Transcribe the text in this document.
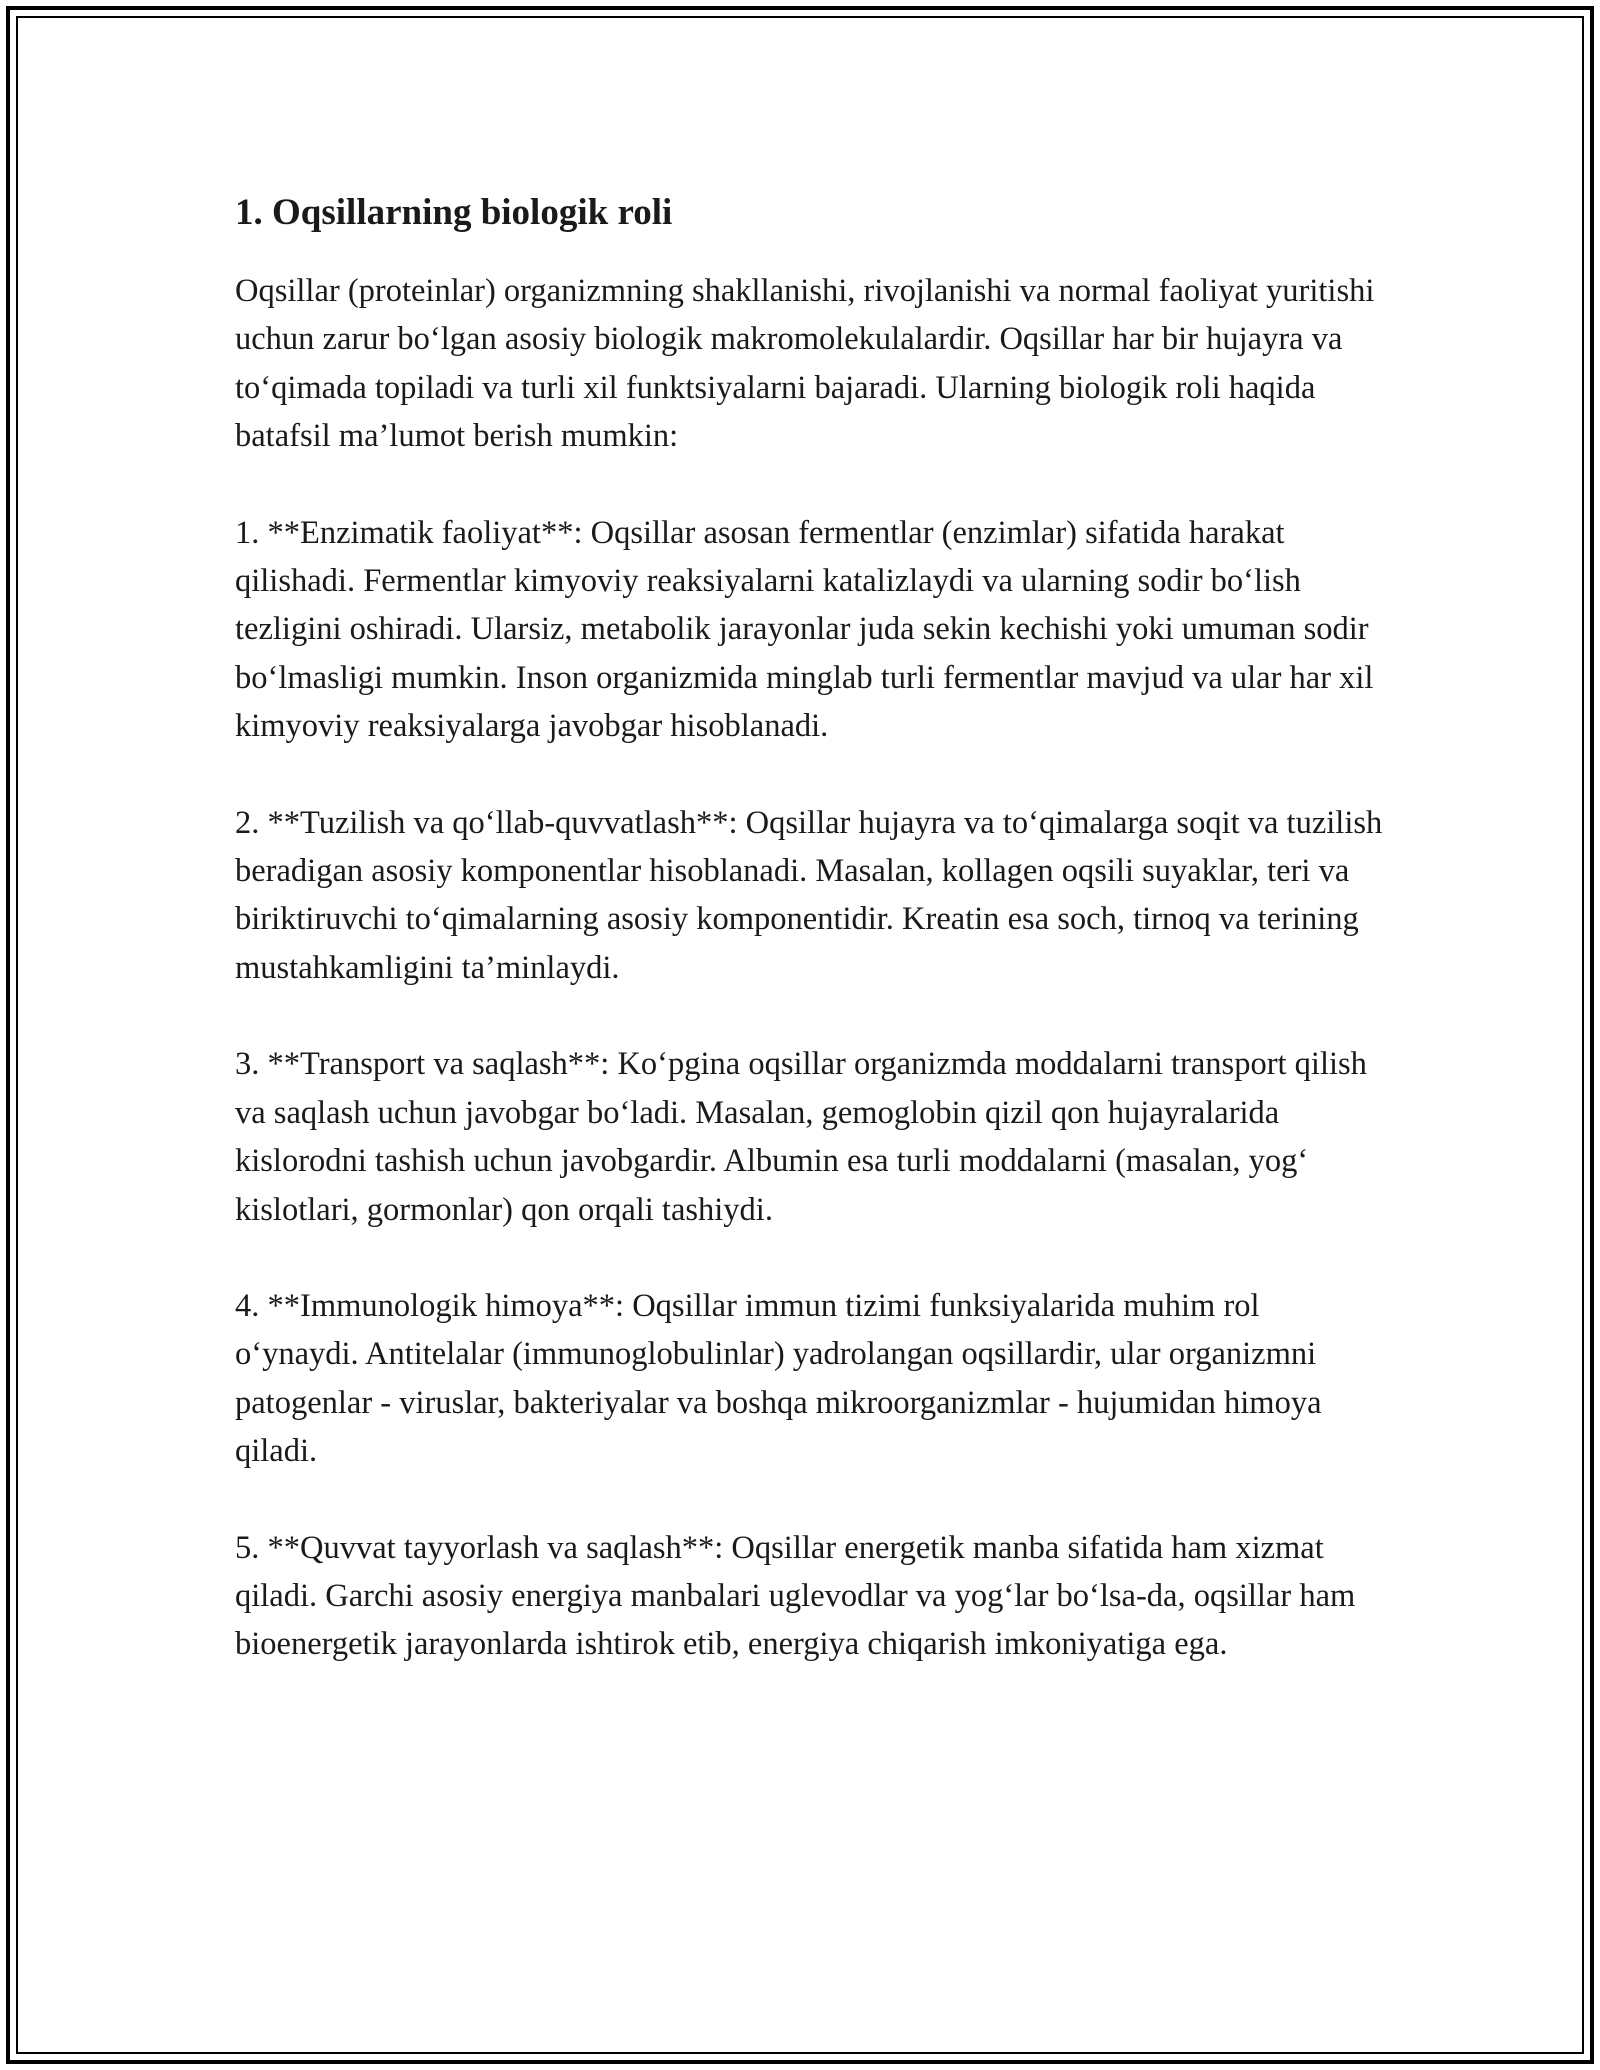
1. Oqsillarning biologik roli

Oqsillar (proteinlar) organizmning shakllanishi, rivojlanishi va normal faoliyat yuritishi uchun zarur bo‘lgan asosiy biologik makromolekulalardir. Oqsillar har bir hujayra va to‘qimada topiladi va turli xil funktsiyalarni bajaradi. Ularning biologik roli haqida batafsil ma’lumot berish mumkin:

1. **Enzimatik faoliyat**: Oqsillar asosan fermentlar (enzimlar) sifatida harakat qilishadi. Fermentlar kimyoviy reaksiyalarni katalizlaydi va ularning sodir bo‘lish tezligini oshiradi. Ularsiz, metabolik jarayonlar juda sekin kechishi yoki umuman sodir bo‘lmasligi mumkin. Inson organizmida minglab turli fermentlar mavjud va ular har xil kimyoviy reaksiyalarga javobgar hisoblanadi.

2. **Tuzilish va qo‘llab-quvvatlash**: Oqsillar hujayra va to‘qimalarga soqit va tuzilish beradigan asosiy komponentlar hisoblanadi. Masalan, kollagen oqsili suyaklar, teri va biriktiruvchi to‘qimalarning asosiy komponentidir. Kreatin esa soch, tirnoq va terining mustahkamligini ta’minlaydi.

3. **Transport va saqlash**: Ko‘pgina oqsillar organizmda moddalarni transport qilish va saqlash uchun javobgar bo‘ladi. Masalan, gemoglobin qizil qon hujayralarida kislorodni tashish uchun javobgardir. Albumin esa turli moddalarni (masalan, yog‘ kislotlari, gormonlar) qon orqali tashiydi.

4. **Immunologik himoya**: Oqsillar immun tizimi funksiyalarida muhim rol o‘ynaydi. Antitelalar (immunoglobulinlar) yadrolangan oqsillardir, ular organizmni patogenlar - viruslar, bakteriyalar va boshqa mikroorganizmlar - hujumidan himoya qiladi.

5. **Quvvat tayyorlash va saqlash**: Oqsillar energetik manba sifatida ham xizmat qiladi. Garchi asosiy energiya manbalari uglevodlar va yog‘lar bo‘lsa-da, oqsillar ham bioenergetik jarayonlarda ishtirok etib, energiya chiqarish imkoniyatiga ega.
